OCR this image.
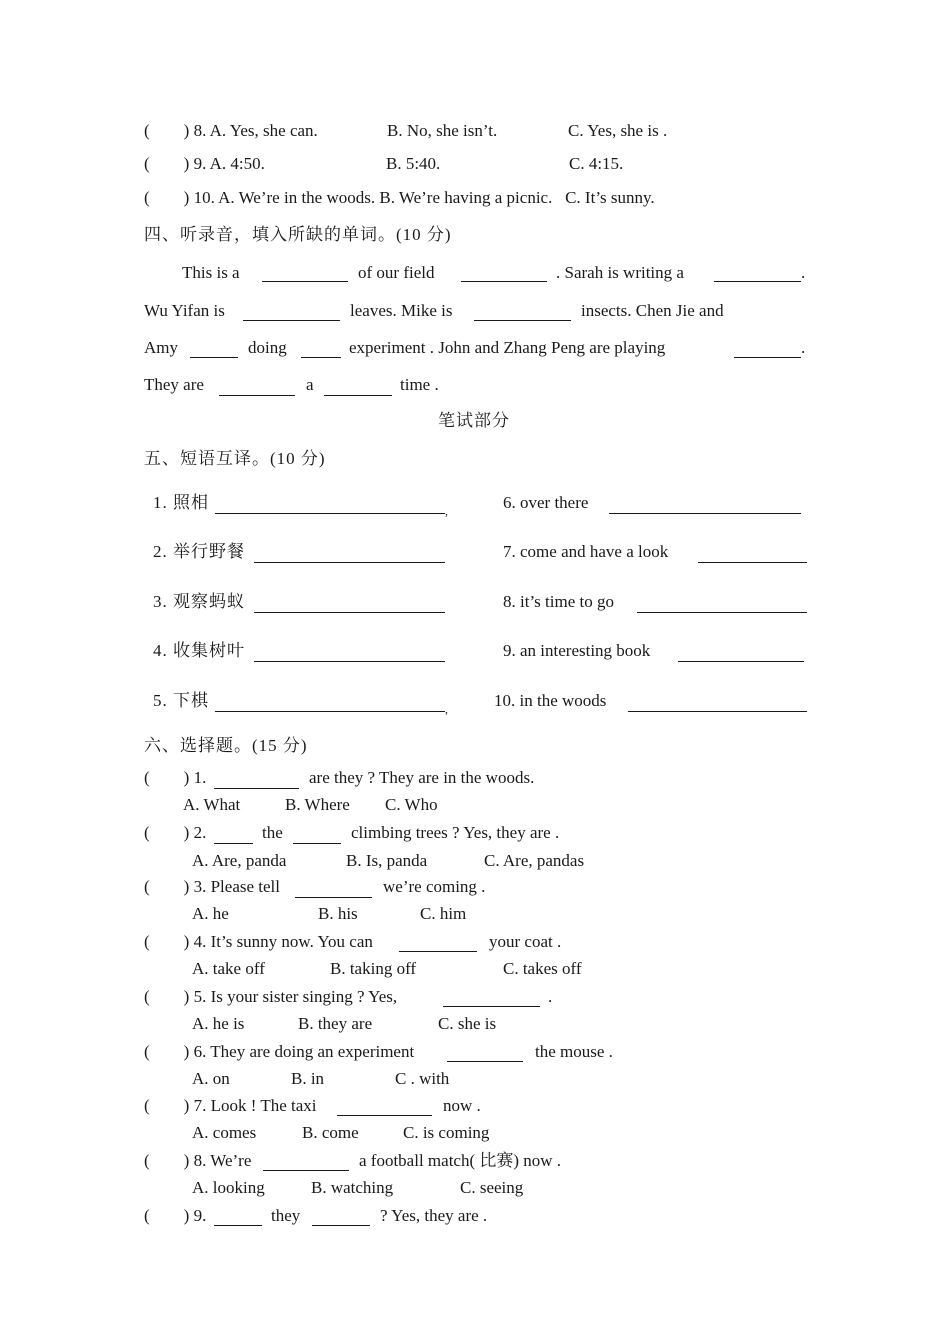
( ) 8. A. Yes, she can.	B. No, she isn’t.	C. Yes, she is .
( ) 9. A. 4:50.	B. 5:40.	C. 4:15.
( ) 10. A. We’re in the woods. B. We’re having a picnic. C. It’s sunny.
四、听录音，填入所缺的单词。(10 分)
This is a	of our field	. Sarah is writing a	.
Wu Yifan is	leaves. Mike is	insects. Chen Jie and
Amy	doing	experiment . John and Zhang Peng are playing	.
They are	a	time .
笔试部分
五、短语互译。(10 分)
1. 照相	,	6. over there
2. 举行野餐	7. come and have a look
3. 观察蚂蚁	8. it’s time to go
4. 收集树叶	9. an interesting book
5. 下棋	,	10. in the woods
六、选择题。(15 分)
( ) 1.	are they ? They are in the woods.
A. What	B. Where C. Who
( ) 2.	the	climbing trees ? Yes, they are .
A. Are, panda	B. Is, panda	C. Are, pandas
( ) 3. Please tell	we’re coming .
A. he	B. his	C. him
( ) 4. It’s sunny now. You can	your coat .
A. take off	B. taking off	C. takes off
( ) 5. Is your sister singing ? Yes,	.
A. he is	B. they are	C. she is
( ) 6. They are doing an experiment	the mouse .
A. on	B. in	C . with
( ) 7. Look ! The taxi	now .
A. comes	B. come	C. is coming
( ) 8. We’re	a football match( 比赛) now .
A. looking	B. watching	C. seeing
( ) 9.	they	? Yes, they are .
